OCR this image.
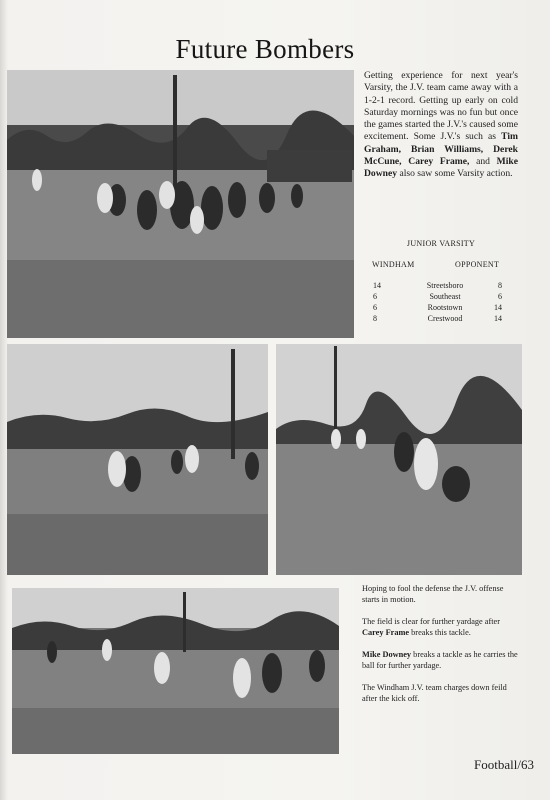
Future Bombers
Getting experience for next year's Varsity, the J.V. team came away with a 1-2-1 record. Getting up early on cold Saturday mornings was no fun but once the games started the J.V.'s caused some excitement. Some J.V.'s such as Tim Graham, Brian Williams, Derek McCune, Carey Frame, and Mike Downey also saw some Varsity action.
JUNIOR VARSITY
WINDHAM	OPPONENT
14	Streetsboro	8
6	Southeast	6
6	Rootstown	14
8	Crestwood	14

Hoping to fool the defense the J.V. offense starts in motion.

The field is clear for further yardage after Carey Frame breaks this tackle.

Mike Downey breaks a tackle as he carries the ball for further yardage.

The Windham J.V. team charges down feild after the kick off.

Football/63
